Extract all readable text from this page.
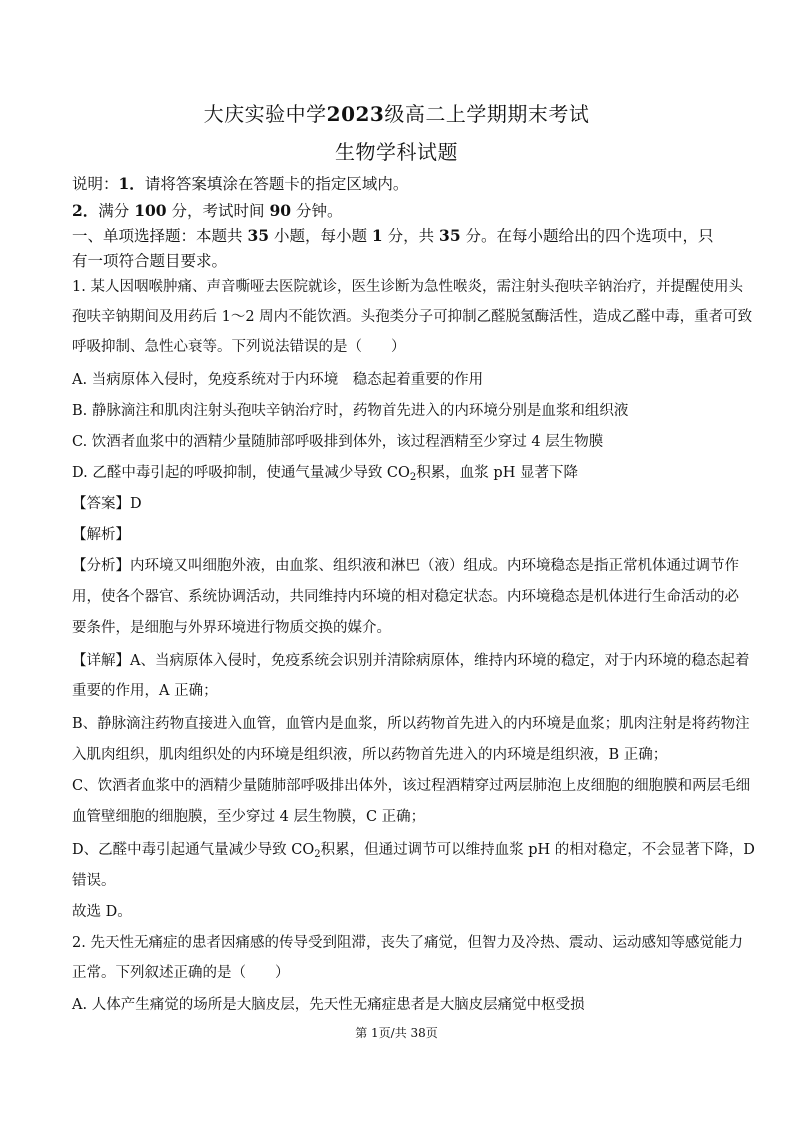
大庆实验中学2023级高二上学期期末考试
生物学科试题
说明：1．请将答案填涂在答题卡的指定区域内。
2．满分 100 分，考试时间 90 分钟。
一、单项选择题：本题共 35 小题，每小题 1 分，共 35 分。在每小题给出的四个选项中，只
有一项符合题目要求。
1. 某人因咽喉肿痛、声音嘶哑去医院就诊，医生诊断为急性喉炎，需注射头孢呋辛钠治疗，并提醒使用头
孢呋辛钠期间及用药后 1～2 周内不能饮酒。头孢类分子可抑制乙醛脱氢酶活性，造成乙醛中毒，重者可致
呼吸抑制、急性心衰等。下列说法错误的是（　　）
A. 当病原体入侵时，免疫系统对于内环境　稳态起着重要的作用
B. 静脉滴注和肌肉注射头孢呋辛钠治疗时，药物首先进入的内环境分别是血浆和组织液
C. 饮酒者血浆中的酒精少量随肺部呼吸排到体外，该过程酒精至少穿过 4 层生物膜
D. 乙醛中毒引起的呼吸抑制，使通气量减少导致 $CO_2$积累，血浆 pH 显著下降
【答案】D
【解析】
【分析】内环境又叫细胞外液，由血浆、组织液和淋巴（液）组成。内环境稳态是指正常机体通过调节作
用，使各个器官、系统协调活动，共同维持内环境的相对稳定状态。内环境稳态是机体进行生命活动的必
要条件，是细胞与外界环境进行物质交换的媒介。
【详解】A、当病原体入侵时，免疫系统会识别并清除病原体，维持内环境的稳定，对于内环境的稳态起着
重要的作用，A 正确；
B、静脉滴注药物直接进入血管，血管内是血浆，所以药物首先进入的内环境是血浆；肌肉注射是将药物注
入肌肉组织，肌肉组织处的内环境是组织液，所以药物首先进入的内环境是组织液，B 正确；
C、饮酒者血浆中的酒精少量随肺部呼吸排出体外，该过程酒精穿过两层肺泡上皮细胞的细胞膜和两层毛细
血管壁细胞的细胞膜，至少穿过 4 层生物膜，C 正确；
D、乙醛中毒引起通气量减少导致 $CO_2$积累，但通过调节可以维持血浆 pH 的相对稳定，不会显著下降，D
错误。
故选 D。
2. 先天性无痛症的患者因痛感的传导受到阻滞，丧失了痛觉，但智力及冷热、震动、运动感知等感觉能力
正常。下列叙述正确的是（　　）
A. 人体产生痛觉的场所是大脑皮层，先天性无痛症患者是大脑皮层痛觉中枢受损
第 1页/共 38页
